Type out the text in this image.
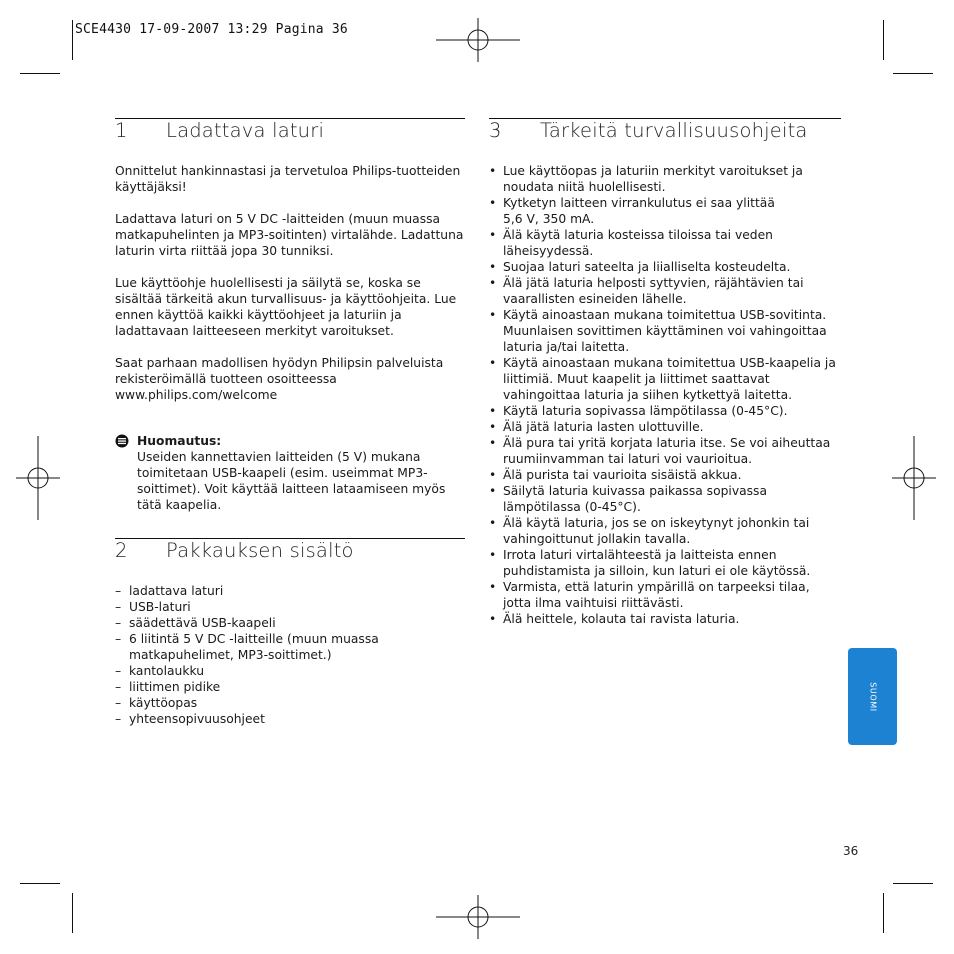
SCE4430 17-09-2007 13:29 Pagina 36
1	Ladattava laturi

Onnittelut hankinnastasi ja tervetuloa Philips-tuotteiden käyttäjäksi!

Ladattava laturi on 5 V DC -laitteiden (muun muassa matkapuhelinten ja MP3-soitinten) virtalähde. Ladattuna laturin virta riittää jopa 30 tunniksi.

Lue käyttöohje huolellisesti ja säilytä se, koska se sisältää tärkeitä akun turvallisuus- ja käyttöohjeita. Lue ennen käyttöä kaikki käyttöohjeet ja laturiin ja ladattavaan laitteeseen merkityt varoitukset.

Saat parhaan madollisen hyödyn Philipsin palveluista rekisteröimällä tuotteen osoitteessa www.philips.com/welcome

Huomautus:
Useiden kannettavien laitteiden (5 V) mukana toimitetaan USB-kaapeli (esim. useimmat MP3-soittimet). Voit käyttää laitteen lataamiseen myös tätä kaapelia.
2	Pakkauksen sisältö
– ladattava laturi
– USB-laturi
– säädettävä USB-kaapeli
– 6 liitintä 5 V DC -laitteille (muun muassa matkapuhelimet, MP3-soittimet.)
– kantolaukku
– liittimen pidike
– käyttöopas
– yhteensopivuusohjeet
3	Tärkeitä turvallisuusohjeita
• Lue käyttöopas ja laturiin merkityt varoitukset ja noudata niitä huolellisesti.
• Kytketyn laitteen virrankulutus ei saa ylittää 5,6 V, 350 mA.
• Älä käytä laturia kosteissa tiloissa tai veden läheisyydessä.
• Suojaa laturi sateelta ja liialliselta kosteudelta.
• Älä jätä laturia helposti syttyvien, räjähtävien tai vaarallisten esineiden lähelle.
• Käytä ainoastaan mukana toimitettua USB-sovitinta. Muunlaisen sovittimen käyttäminen voi vahingoittaa laturia ja/tai laitetta.
• Käytä ainoastaan mukana toimitettua USB-kaapelia ja liittimiä. Muut kaapelit ja liittimet saattavat vahingoittaa laturia ja siihen kytkettyä laitetta.
• Käytä laturia sopivassa lämpötilassa (0-45°C).
• Älä jätä laturia lasten ulottuville.
• Älä pura tai yritä korjata laturia itse. Se voi aiheuttaa ruumiinvamman tai laturi voi vaurioitua.
• Älä purista tai vaurioita sisäistä akkua.
• Säilytä laturia kuivassa paikassa sopivassa lämpötilassa (0-45°C).
• Älä käytä laturia, jos se on iskeytynyt johonkin tai vahingoittunut jollakin tavalla.
• Irrota laturi virtalähteestä ja laitteista ennen puhdistamista ja silloin, kun laturi ei ole käytössä.
• Varmista, että laturin ympärillä on tarpeeksi tilaa, jotta ilma vaihtuisi riittävästi.
• Älä heittele, kolauta tai ravista laturia.
SUOMI
36
